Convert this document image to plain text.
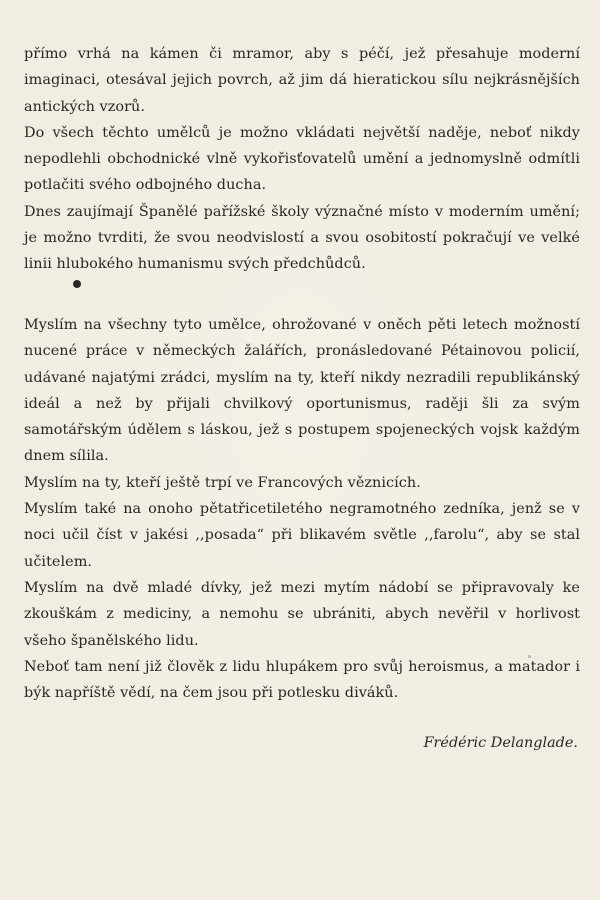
přímo vrhá na kámen či mramor, aby s péčí, jež přesahuje moderní imaginaci, otesával jejich povrch, až jim dá hieratickou sílu nejkrásnějších antických vzorů.

Do všech těchto umělců je možno vkládati největší naděje, neboť nikdy nepodlehli obchodnické vlně vykořisťovatelů umění a jednomyslně odmítli potlačiti svého odbojného ducha.

Dnes zaujímají Španělé pařížské školy význačné místo v moderním umění; je možno tvrditi, že svou neodvislostí a svou osobitostí pokračují ve velké linii hlubokého humanismu svých předchůdců.

Myslím na všechny tyto umělce, ohrožované v oněch pěti letech možností nucené práce v německých žalářích, pronásledované Pétainovou policií, udávané najatými zrádci, myslím na ty, kteří nikdy nezradili republikánský ideál a než by přijali chvilkový oportunismus, raději šli za svým samotářským údělem s láskou, jež s postupem spojeneckých vojsk každým dnem sílila.

Myslím na ty, kteří ještě trpí ve Francových věznicích.

Myslím také na onoho pětatřicetiletého negramotného zedníka, jenž se v noci učil číst v jakési ,,posada“ při blikavém světle ,,farolu“, aby se stal učitelem.

Myslím na dvě mladé dívky, jež mezi mytím nádobí se připravovaly ke zkouškám z mediciny, a nemohu se ubrániti, abych nevěřil v horlivost všeho španělského lidu.

Neboť tam není již člověk z lidu hlupákem pro svůj heroismus, a matador i býk napříště vědí, na čem jsou při potlesku diváků.

Frédéric Delanglade.
